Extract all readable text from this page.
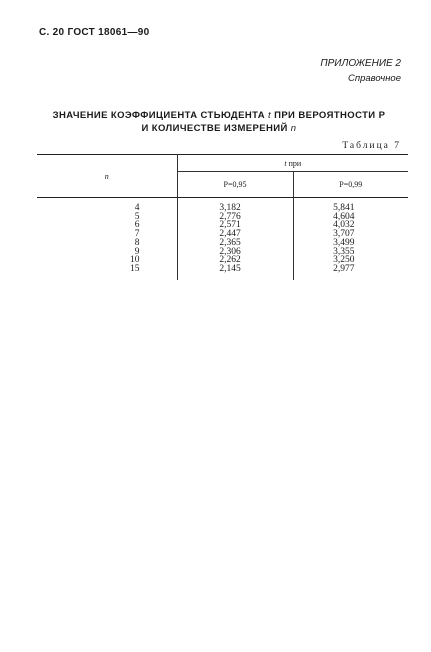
С. 20 ГОСТ 18061—90
ПРИЛОЖЕНИЕ 2
Справочное
ЗНАЧЕНИЕ КОЭФФИЦИЕНТА СТЬЮДЕНТА t ПРИ ВЕРОЯТНОСТИ Р
И КОЛИЧЕСТВЕ ИЗМЕРЕНИЙ n
Таблица 7
n	t при	
	P=0,95	P=0,99
4	3,182	5,841
5	2,776	4,604
6	2,571	4,032
7	2,447	3,707
8	2,365	3,499
9	2,306	3,355
10	2,262	3,250
15	2,145	2,977
